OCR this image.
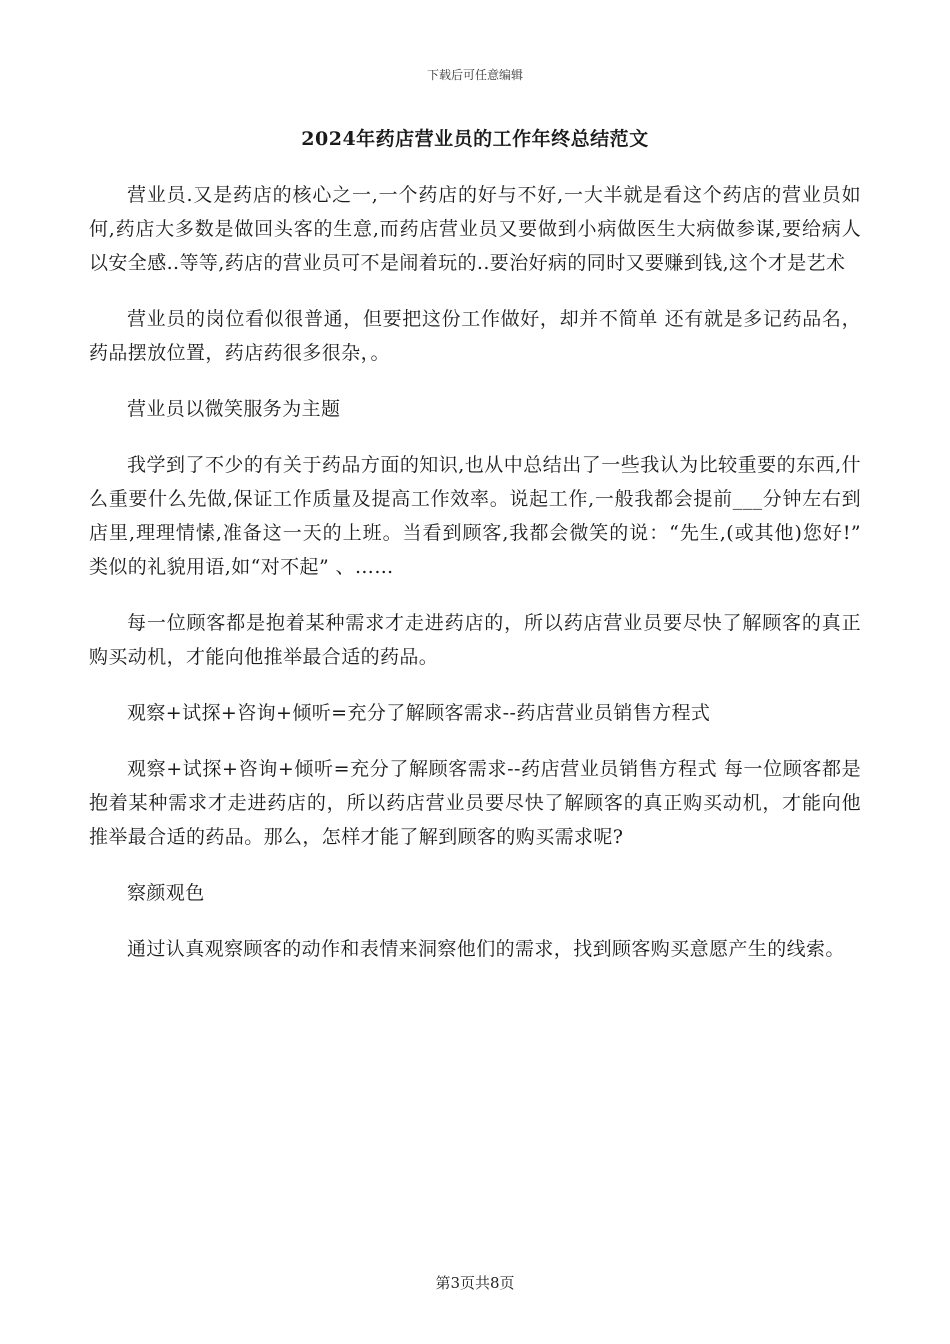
下载后可任意编辑
2024年药店营业员的工作年终总结范文

营业员.又是药店的核心之一,一个药店的好与不好,一大半就是看这个药店的营业员如何,药店大多数是做回头客的生意,而药店营业员又要做到小病做医生大病做参谋,要给病人以安全感..等等,药店的营业员可不是闹着玩的..要治好病的同时又要赚到钱,这个才是艺术

营业员的岗位看似很普通，但要把这份工作做好，却并不简单 还有就是多记药品名，药品摆放位置，药店药很多很杂，。

营业员以微笑服务为主题

我学到了不少的有关于药品方面的知识,也从中总结出了一些我认为比较重要的东西,什么重要什么先做,保证工作质量及提高工作效率。说起工作,一般我都会提前___分钟左右到店里,理理情愫,准备这一天的上班。当看到顾客,我都会微笑的说：“先生,(或其他)您好!” 类似的礼貌用语,如“对不起” 、……

每一位顾客都是抱着某种需求才走进药店的，所以药店营业员要尽快了解顾客的真正购买动机，才能向他推举最合适的药品。

观察+试探+咨询+倾听=充分了解顾客需求--药店营业员销售方程式

观察+试探+咨询+倾听=充分了解顾客需求--药店营业员销售方程式 每一位顾客都是抱着某种需求才走进药店的，所以药店营业员要尽快了解顾客的真正购买动机，才能向他推举最合适的药品。那么，怎样才能了解到顾客的购买需求呢?

察颜观色

通过认真观察顾客的动作和表情来洞察他们的需求，找到顾客购买意愿产生的线索。

第3页共8页
